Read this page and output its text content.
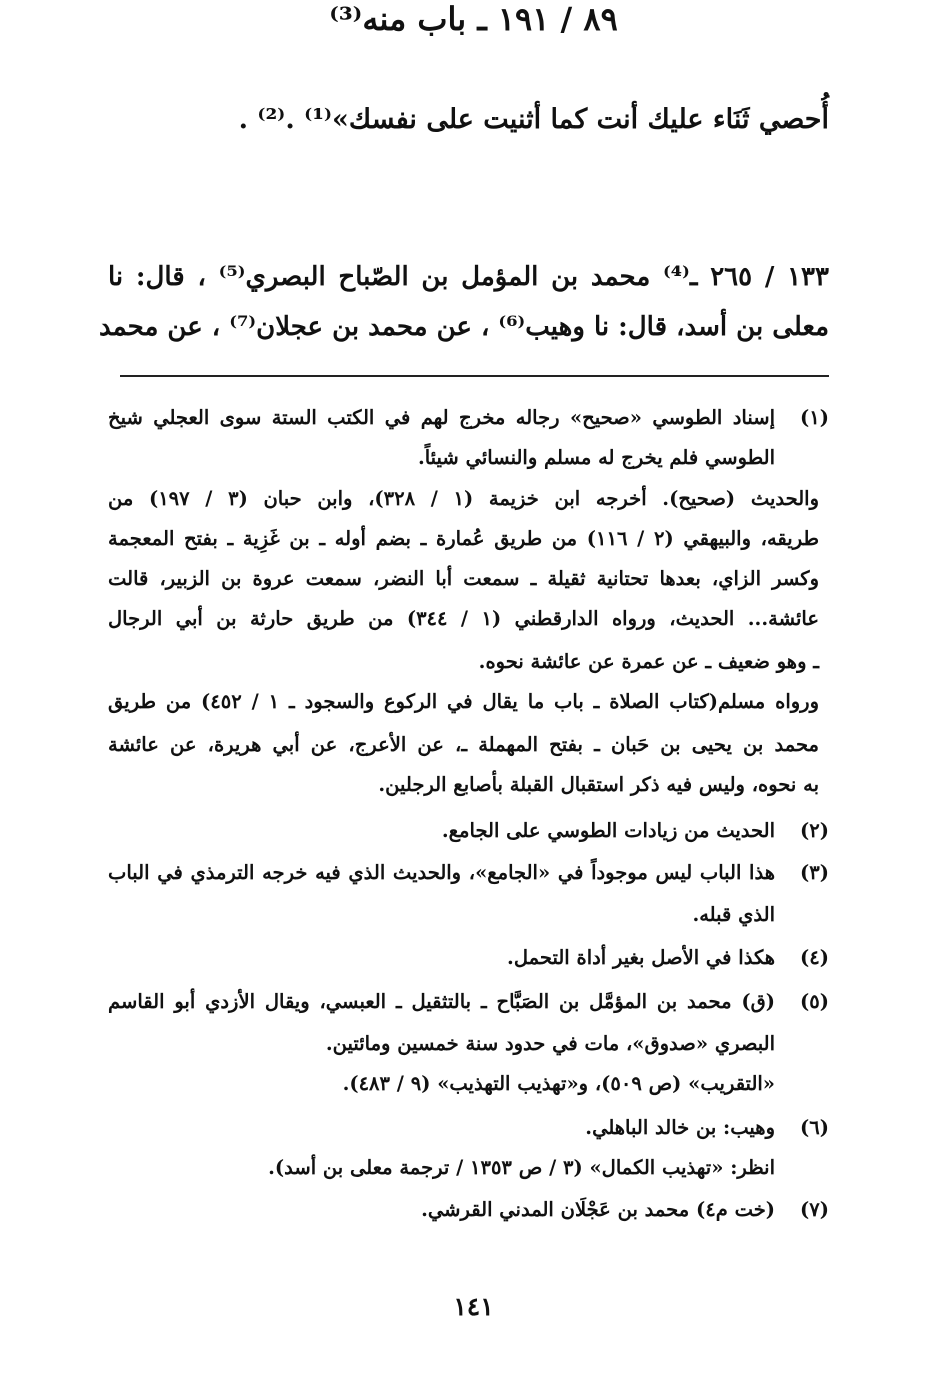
أُحصي ثَنَاء عليك أنت كما أثنيت على نفسك»⁽¹⁾ .⁽²⁾ .
٨٩ / ١٩١ ـ باب منه⁽³⁾
١٣٣ / ٢٦٥ ـ⁽⁴⁾ محمد بن المؤمل بن الصّباح البصري⁽⁵⁾ ، قال: نا
معلى بن أسد، قال: نا وهيب⁽⁶⁾ ، عن محمد بن عجلان⁽⁷⁾ ، عن محمد
(١)إسناد الطوسي «صحيح» رجاله مخرج لهم في الكتب الستة سوى العجلي شيخ
الطوسي فلم يخرج له مسلم والنسائي شيئاً.
والحديث (صحيح). أخرجه ابن خزيمة (١ / ٣٢٨)، وابن حبان (٣ / ١٩٧) من
طريقه، والبيهقي (٢ / ١١٦) من طريق عُمارة ـ بضم أوله ـ بن غَزِية ـ بفتح المعجمة
وكسر الزاي، بعدها تحتانية ثقيلة ـ سمعت أبا النضر، سمعت عروة بن الزبير، قالت
عائشة... الحديث، ورواه الدارقطني (١ / ٣٤٤) من طريق حارثة بن أبي الرجال
ـ وهو ضعيف ـ عن عمرة عن عائشة نحوه.
ورواه مسلم(كتاب الصلاة ـ باب ما يقال في الركوع والسجود ـ ١ / ٤٥٢) من طريق
محمد بن يحيى بن حَبان ـ بفتح المهملة ـ، عن الأعرج، عن أبي هريرة، عن عائشة
به نحوه، وليس فيه ذكر استقبال القبلة بأصابع الرجلين.
(٢)الحديث من زيادات الطوسي على الجامع.
(٣)هذا الباب ليس موجوداً في «الجامع»، والحديث الذي فيه خرجه الترمذي في الباب
الذي قبله.
(٤)هكذا في الأصل بغير أداة التحمل.
(٥)(ق) محمد بن المؤمَّل بن الصَبَّاح ـ بالتثقيل ـ العبسي، ويقال الأزدي أبو القاسم
البصري «صدوق»، مات في حدود سنة خمسين ومائتين.
«التقريب» (ص ٥٠٩)، و«تهذيب التهذيب» (٩ / ٤٨٣).
(٦)وهيب: بن خالد الباهلي.
انظر: «تهذيب الكمال» (٣ / ص ١٣٥٣ / ترجمة معلى بن أسد).
(٧)(خت م٤) محمد بن عَجْلَان المدني القرشي.
١٤١
